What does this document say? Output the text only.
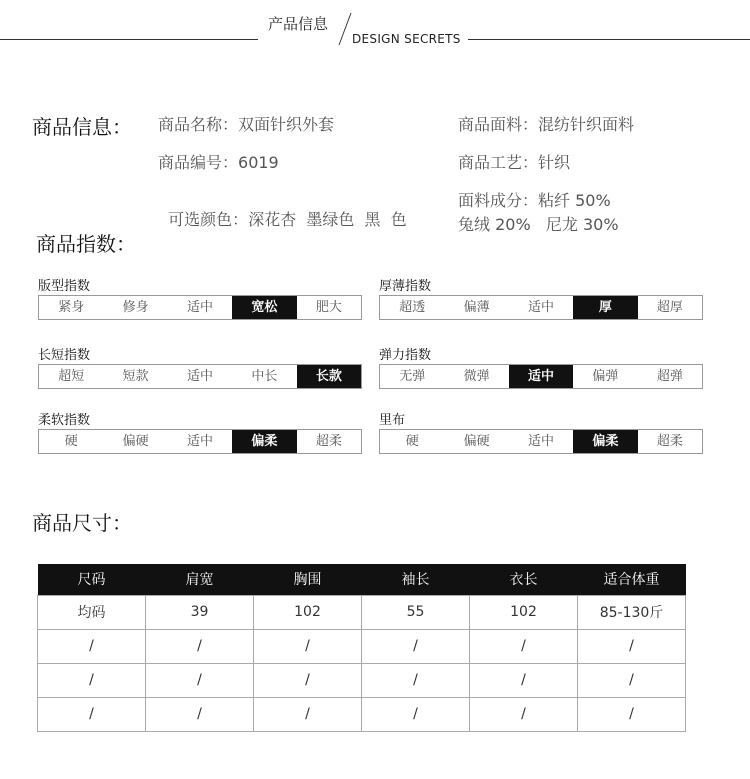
产品信息
DESIGN SECRETS
商品信息： 商品名称：双面针织外套
商品编号：6019

可选颜色：深花杏  墨绿色  黑  色

商品面料：混纺针织面料
商品工艺：针织
面料成分：粘纤 50%
兔绒 20%   尼龙 30%
商品指数：
版型指数
紧身	修身	适中	宽松	肥大
厚薄指数
超透	偏薄	适中	厚	超厚
长短指数
超短	短款	适中	中长	长款
弹力指数
无弹	微弹	适中	偏弹	超弹
柔软指数
硬	偏硬	适中	偏柔	超柔
里布
硬	偏硬	适中	偏柔	超柔
商品尺寸：
尺码	肩宽	胸围	袖长	衣长	适合体重
均码	39	102	55	102	85-130斤
/	/	/	/	/	/
/	/	/	/	/	/
/	/	/	/	/	/
